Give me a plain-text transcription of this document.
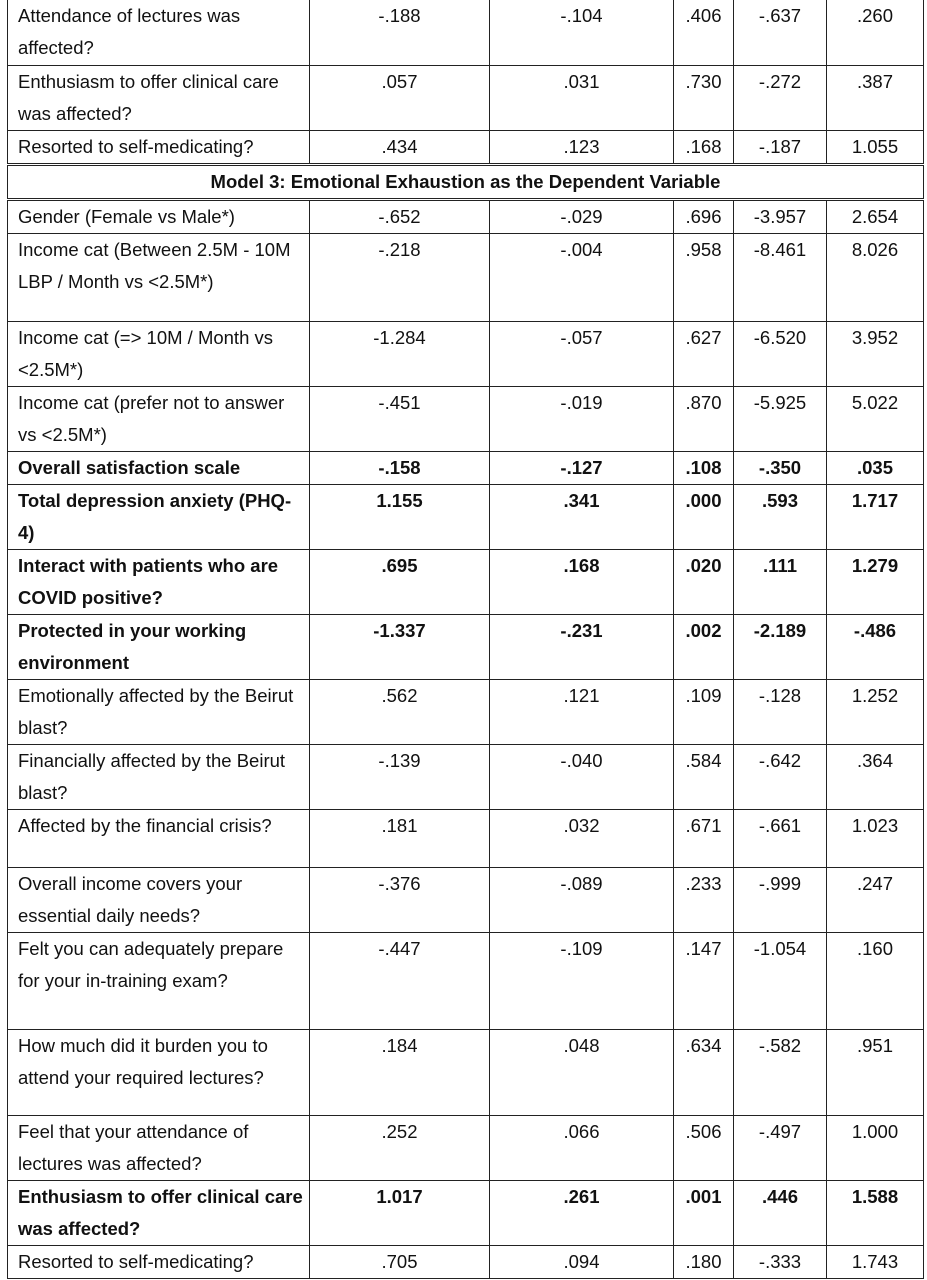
Attendance of lectures was affected?	-.188	-.104	.406	-.637	.260
Enthusiasm to offer clinical care was affected?	.057	.031	.730	-.272	.387
Resorted to self-medicating?	.434	.123	.168	-.187	1.055
Model 3: Emotional Exhaustion as the Dependent Variable					
Gender (Female vs Male*)	-.652	-.029	.696	-3.957	2.654
Income cat (Between 2.5M - 10M LBP / Month vs <2.5M*)	-.218	-.004	.958	-8.461	8.026
Income cat (=> 10M / Month vs <2.5M*)	-1.284	-.057	.627	-6.520	3.952
Income cat (prefer not to answer vs <2.5M*)	-.451	-.019	.870	-5.925	5.022
Overall satisfaction scale	-.158	-.127	.108	-.350	.035
Total depression anxiety (PHQ-4)	1.155	.341	.000	.593	1.717
Interact with patients who are COVID positive?	.695	.168	.020	.111	1.279
Protected in your working environment	-1.337	-.231	.002	-2.189	-.486
Emotionally affected by the Beirut blast?	.562	.121	.109	-.128	1.252
Financially affected by the Beirut blast?	-.139	-.040	.584	-.642	.364
Affected by the financial crisis?	.181	.032	.671	-.661	1.023
Overall income covers your essential daily needs?	-.376	-.089	.233	-.999	.247
Felt you can adequately prepare for your in-training exam?	-.447	-.109	.147	-1.054	.160
How much did it burden you to attend your required lectures?	.184	.048	.634	-.582	.951
Feel that your attendance of lectures was affected?	.252	.066	.506	-.497	1.000
Enthusiasm to offer clinical care was affected?	1.017	.261	.001	.446	1.588
Resorted to self-medicating?	.705	.094	.180	-.333	1.743
